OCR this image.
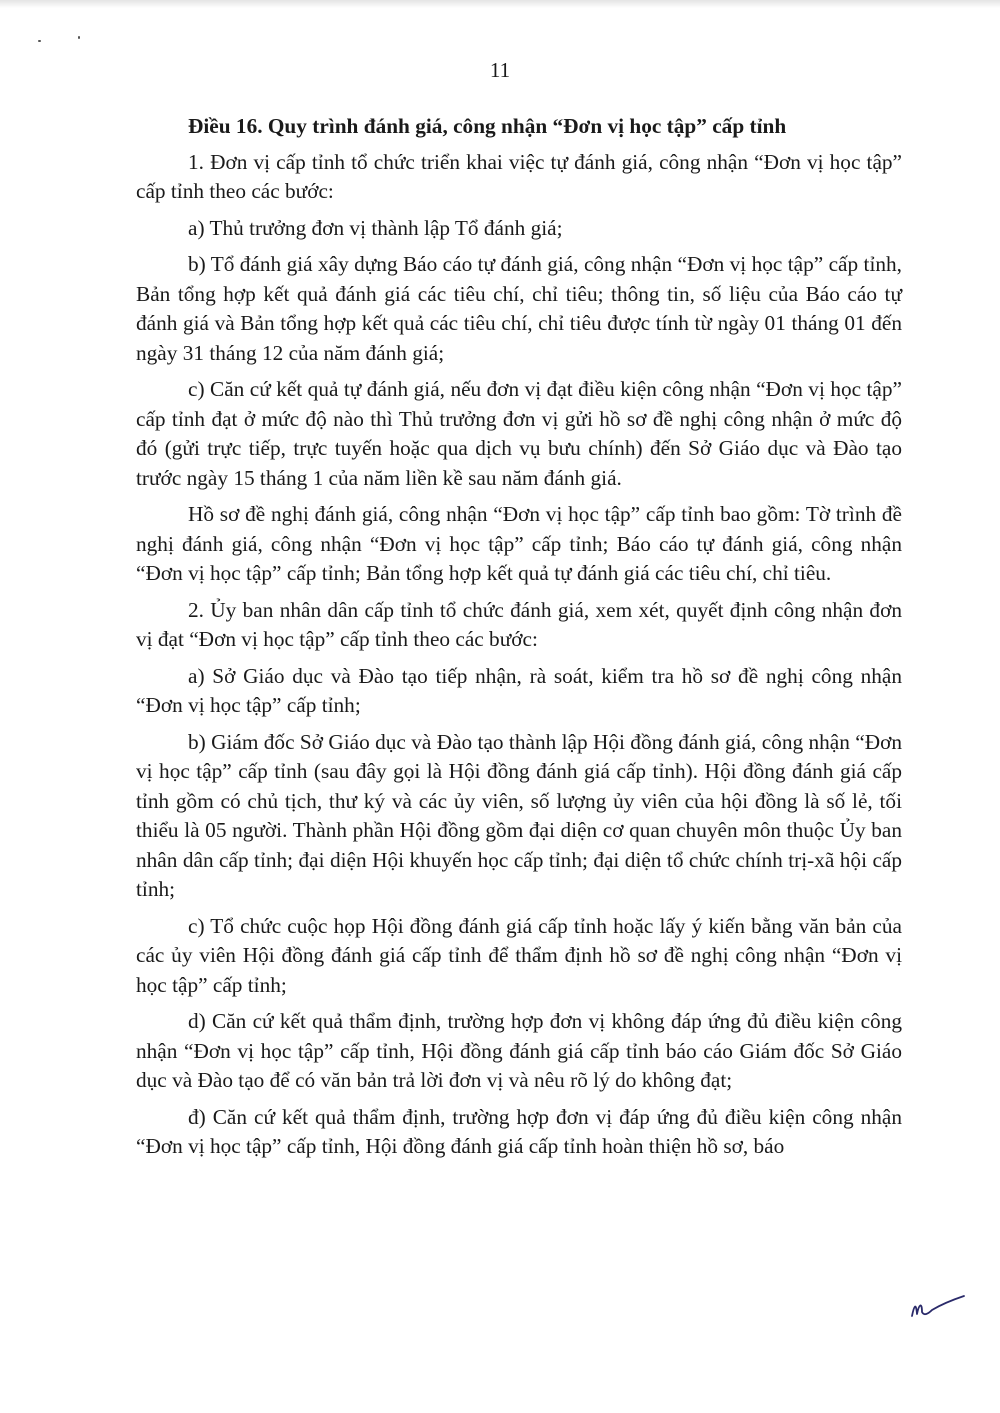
11

Điều 16. Quy trình đánh giá, công nhận “Đơn vị học tập” cấp tỉnh

1. Đơn vị cấp tỉnh tổ chức triển khai việc tự đánh giá, công nhận “Đơn vị học tập” cấp tỉnh theo các bước:

a) Thủ trưởng đơn vị thành lập Tổ đánh giá;

b) Tổ đánh giá xây dựng Báo cáo tự đánh giá, công nhận “Đơn vị học tập” cấp tỉnh, Bản tổng hợp kết quả đánh giá các tiêu chí, chỉ tiêu; thông tin, số liệu của Báo cáo tự đánh giá và Bản tổng hợp kết quả các tiêu chí, chỉ tiêu được tính từ ngày 01 tháng 01 đến ngày 31 tháng 12 của năm đánh giá;

c) Căn cứ kết quả tự đánh giá, nếu đơn vị đạt điều kiện công nhận “Đơn vị học tập” cấp tỉnh đạt ở mức độ nào thì Thủ trưởng đơn vị gửi hồ sơ đề nghị công nhận ở mức độ đó (gửi trực tiếp, trực tuyến hoặc qua dịch vụ bưu chính) đến Sở Giáo dục và Đào tạo trước ngày 15 tháng 1 của năm liền kề sau năm đánh giá.

Hồ sơ đề nghị đánh giá, công nhận “Đơn vị học tập” cấp tỉnh bao gồm: Tờ trình đề nghị đánh giá, công nhận “Đơn vị học tập” cấp tỉnh; Báo cáo tự đánh giá, công nhận “Đơn vị học tập” cấp tỉnh; Bản tổng hợp kết quả tự đánh giá các tiêu chí, chỉ tiêu.

2. Ủy ban nhân dân cấp tỉnh tổ chức đánh giá, xem xét, quyết định công nhận đơn vị đạt “Đơn vị học tập” cấp tỉnh theo các bước:

a) Sở Giáo dục và Đào tạo tiếp nhận, rà soát, kiểm tra hồ sơ đề nghị công nhận “Đơn vị học tập” cấp tỉnh;

b) Giám đốc Sở Giáo dục và Đào tạo thành lập Hội đồng đánh giá, công nhận “Đơn vị học tập” cấp tỉnh (sau đây gọi là Hội đồng đánh giá cấp tỉnh). Hội đồng đánh giá cấp tỉnh gồm có chủ tịch, thư ký và các ủy viên, số lượng ủy viên của hội đồng là số lẻ, tối thiểu là 05 người. Thành phần Hội đồng gồm đại diện cơ quan chuyên môn thuộc Ủy ban nhân dân cấp tỉnh; đại diện Hội khuyến học cấp tỉnh; đại diện tổ chức chính trị-xã hội cấp tỉnh;

c) Tổ chức cuộc họp Hội đồng đánh giá cấp tỉnh hoặc lấy ý kiến bằng văn bản của các ủy viên Hội đồng đánh giá cấp tỉnh để thẩm định hồ sơ đề nghị công nhận “Đơn vị học tập” cấp tỉnh;

d) Căn cứ kết quả thẩm định, trường hợp đơn vị không đáp ứng đủ điều kiện công nhận “Đơn vị học tập” cấp tỉnh, Hội đồng đánh giá cấp tỉnh báo cáo Giám đốc Sở Giáo dục và Đào tạo để có văn bản trả lời đơn vị và nêu rõ lý do không đạt;

đ) Căn cứ kết quả thẩm định, trường hợp đơn vị đáp ứng đủ điều kiện công nhận “Đơn vị học tập” cấp tỉnh, Hội đồng đánh giá cấp tỉnh hoàn thiện hồ sơ, báo
